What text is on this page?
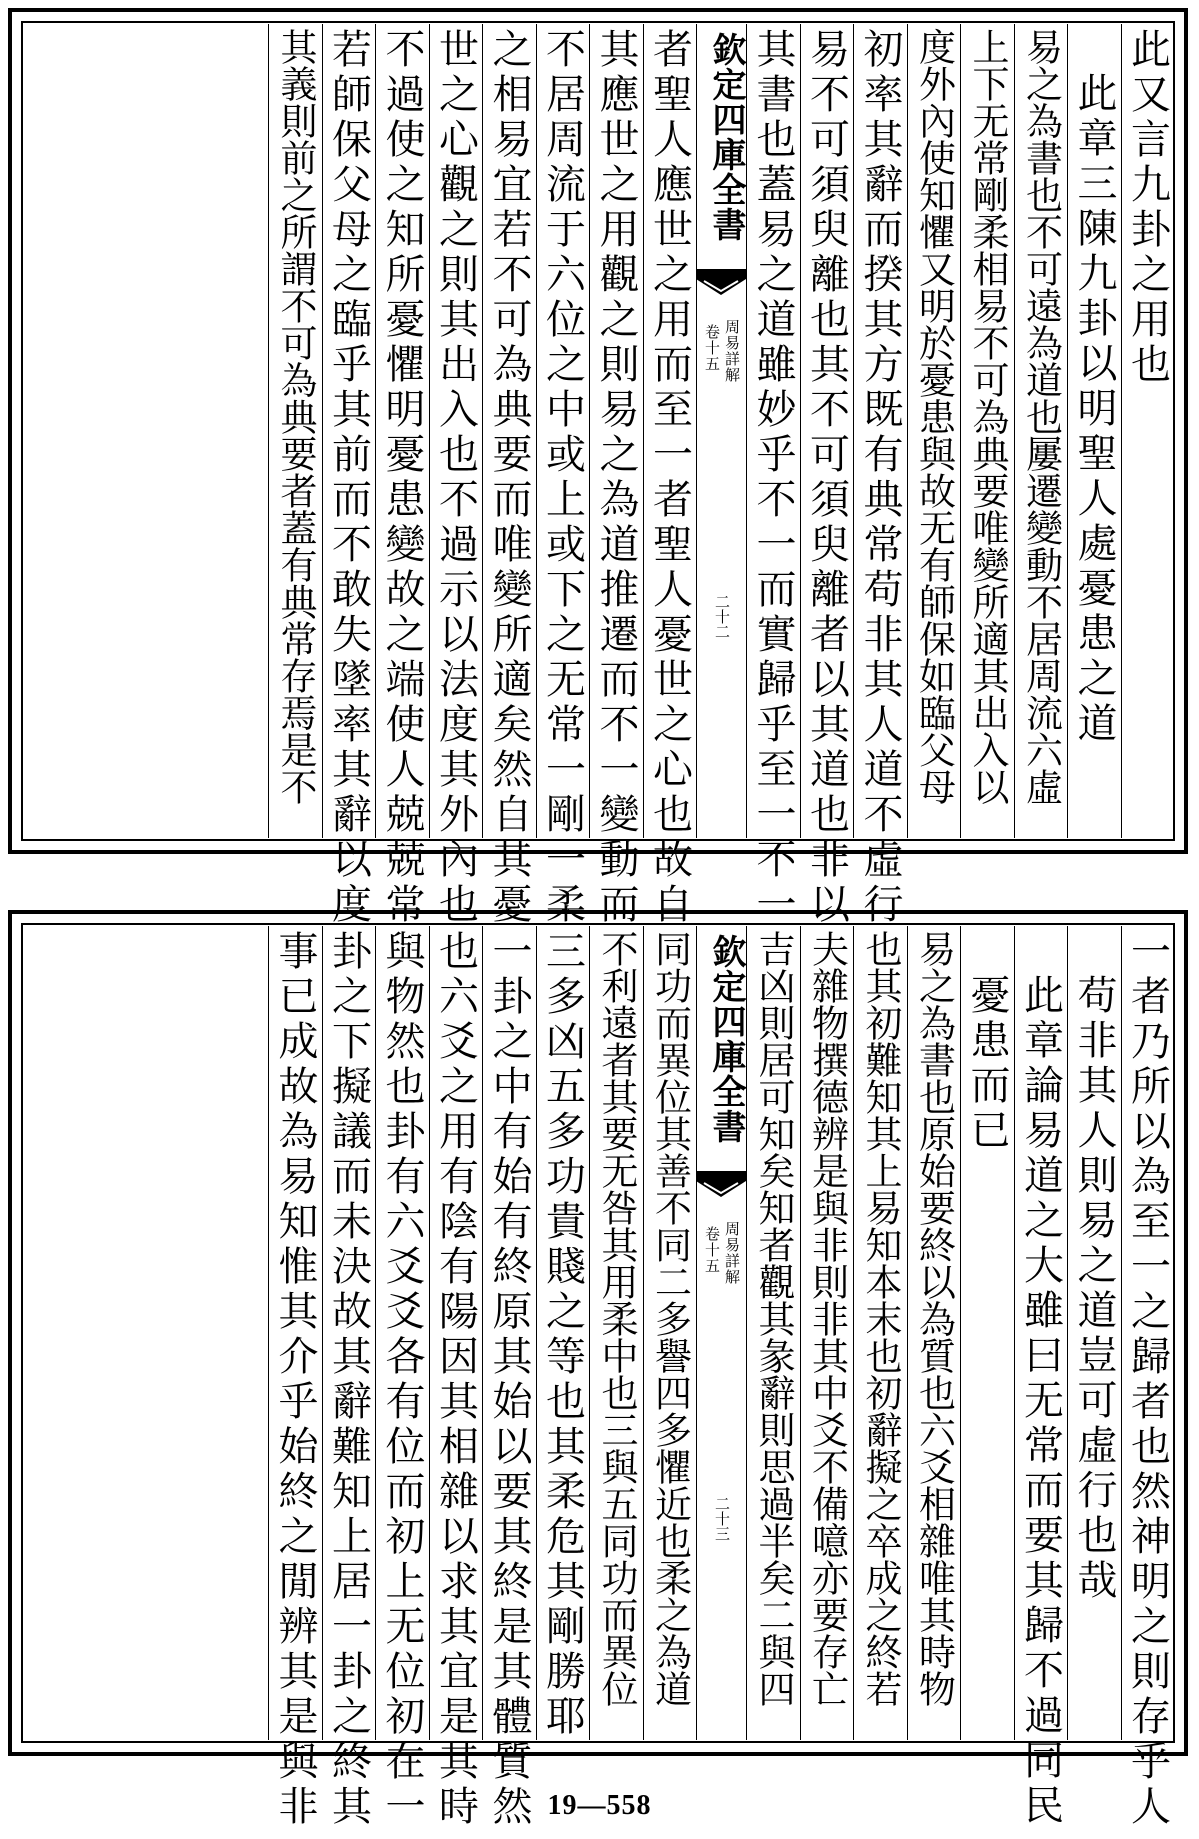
此又言九卦之用也
此章三陳九卦以明聖人處憂患之道
易之為書也不可遠為道也屢遷變動不居周流六虛
上下无常剛柔相易不可為典要唯變所適其出入以
度外內使知懼又明於憂患與故无有師保如臨父母
初率其辭而揆其方既有典常苟非其人道不虛行
易不可須臾離也其不可須臾離者以其道也非以
其書也蓋易之道雖妙乎不一而實歸乎至一不一
欽定四庫全書
周易詳解
卷十五
二十二
者聖人應世之用而至一者聖人憂世之心也故自
其應世之用觀之則易之為道推遷而不一變動而
不居周流于六位之中或上或下之无常一剛一柔
之相易宜若不可為典要而唯變所適矣然自其憂
世之心觀之則其出入也不過示以法度其外內也
不過使之知所憂懼明憂患變故之端使人兢兢常
若師保父母之臨乎其前而不敢失墜率其辭以度
其義則前之所謂不可為典要者蓋有典常存焉是不
一者乃所以為至一之歸者也然神明之則存乎人
苟非其人則易之道豈可虛行也哉
此章論易道之大雖曰无常而要其歸不過同民
憂患而已
易之為書也原始要終以為質也六爻相雜唯其時物
也其初難知其上易知本末也初辭擬之卒成之終若
夫雜物撰德辨是與非則非其中爻不備噫亦要存亡
吉凶則居可知矣知者觀其彖辭則思過半矣二與四
欽定四庫全書
周易詳解
卷十五
二十三
同功而異位其善不同二多譽四多懼近也柔之為道
不利遠者其要无咎其用柔中也三與五同功而異位
三多凶五多功貴賤之等也其柔危其剛勝耶
一卦之中有始有終原其始以要其終是其體質然
也六爻之用有陰有陽因其相雜以求其宜是其時
與物然也卦有六爻爻各有位而初上无位初在一
卦之下擬議而未決故其辭難知上居一卦之終其
事已成故為易知惟其介乎始終之閒辨其是與非	19—558
